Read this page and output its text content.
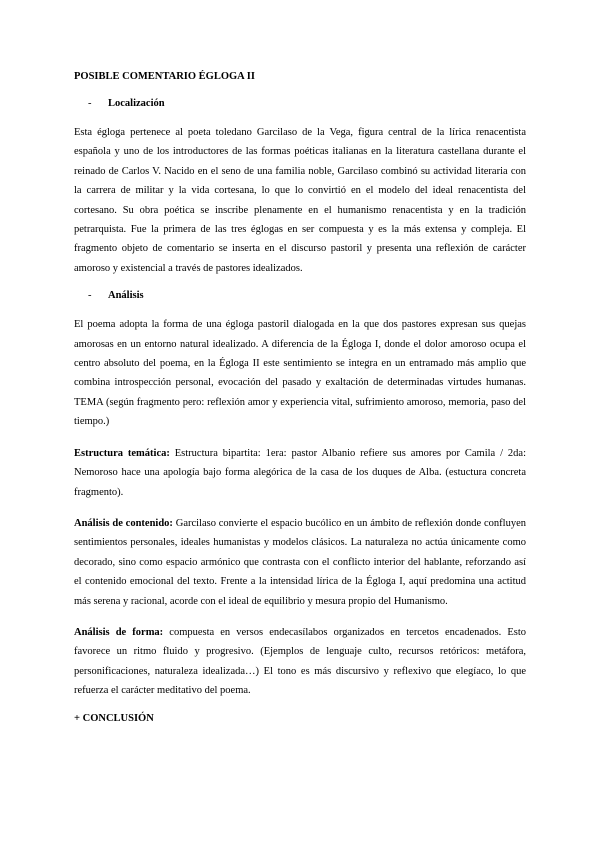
POSIBLE COMENTARIO ÉGLOGA II
- Localización

Esta égloga pertenece al poeta toledano Garcilaso de la Vega, figura central de la lírica renacentista española y uno de los introductores de las formas poéticas italianas en la literatura castellana durante el reinado de Carlos V. Nacido en el seno de una familia noble, Garcilaso combinó su actividad literaria con la carrera de militar y la vida cortesana, lo que lo convirtió en el modelo del ideal renacentista del cortesano. Su obra poética se inscribe plenamente en el humanismo renacentista y en la tradición petrarquista. Fue la primera de las tres églogas en ser compuesta y es la más extensa y compleja. El fragmento objeto de comentario se inserta en el discurso pastoril y presenta una reflexión de carácter amoroso y existencial a través de pastores idealizados.

- Análisis

El poema adopta la forma de una égloga pastoril dialogada en la que dos pastores expresan sus quejas amorosas en un entorno natural idealizado. A diferencia de la Égloga I, donde el dolor amoroso ocupa el centro absoluto del poema, en la Égloga II este sentimiento se integra en un entramado más amplio que combina introspección personal, evocación del pasado y exaltación de determinadas virtudes humanas. TEMA (según fragmento pero: reflexión amor y experiencia vital, sufrimiento amoroso, memoria, paso del tiempo.)

Estructura temática: Estructura bipartita: 1era: pastor Albanio refiere sus amores por Camila / 2da: Nemoroso hace una apología bajo forma alegórica de la casa de los duques de Alba. (estuctura concreta fragmento).

Análisis de contenido: Garcilaso convierte el espacio bucólico en un ámbito de reflexión donde confluyen sentimientos personales, ideales humanistas y modelos clásicos. La naturaleza no actúa únicamente como decorado, sino como espacio armónico que contrasta con el conflicto interior del hablante, reforzando así el contenido emocional del texto. Frente a la intensidad lírica de la Égloga I, aquí predomina una actitud más serena y racional, acorde con el ideal de equilibrio y mesura propio del Humanismo.

Análisis de forma: compuesta en versos endecasílabos organizados en tercetos encadenados. Esto favorece un ritmo fluido y progresivo. (Ejemplos de lenguaje culto, recursos retóricos: metáfora, personificaciones, naturaleza idealizada…) El tono es más discursivo y reflexivo que elegíaco, lo que refuerza el carácter meditativo del poema.

+ CONCLUSIÓN
